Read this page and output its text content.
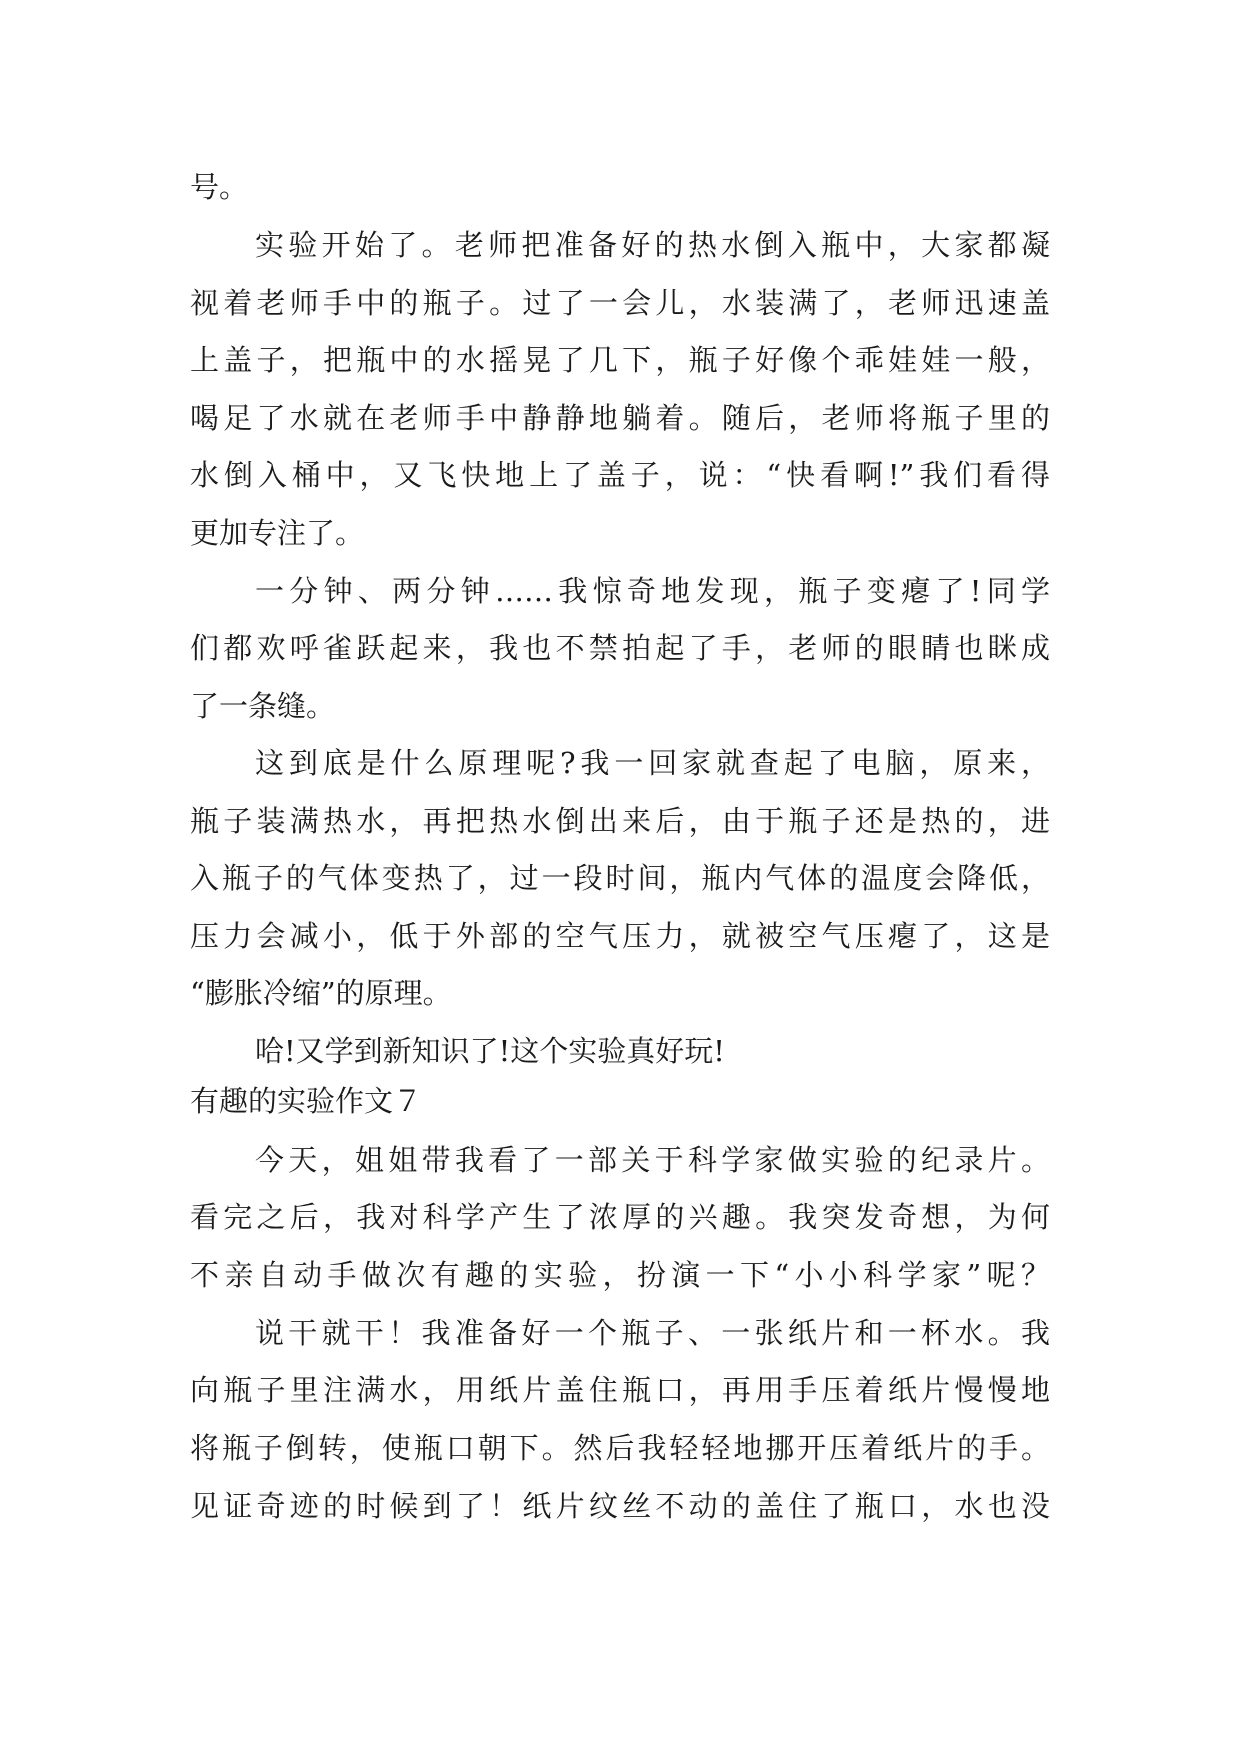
号。
实验开始了。老师把准备好的热水倒入瓶中，大家都凝
视着老师手中的瓶子。过了一会儿，水装满了，老师迅速盖
上盖子，把瓶中的水摇晃了几下，瓶子好像个乖娃娃一般，
喝足了水就在老师手中静静地躺着。随后，老师将瓶子里的
水倒入桶中，又飞快地上了盖子，说：“快看啊!”我们看得
更加专注了。
一分钟、两分钟……我惊奇地发现，瓶子变瘪了!同学
们都欢呼雀跃起来，我也不禁拍起了手，老师的眼睛也眯成
了一条缝。
这到底是什么原理呢?我一回家就查起了电脑，原来，
瓶子装满热水，再把热水倒出来后，由于瓶子还是热的，进
入瓶子的气体变热了，过一段时间，瓶内气体的温度会降低，
压力会减小，低于外部的空气压力，就被空气压瘪了，这是
“膨胀冷缩”的原理。
哈!又学到新知识了!这个实验真好玩!
有趣的实验作文７
今天，姐姐带我看了一部关于科学家做实验的纪录片。
看完之后，我对科学产生了浓厚的兴趣。我突发奇想，为何
不亲自动手做次有趣的实验，扮演一下“小小科学家”呢？
说干就干！我准备好一个瓶子、一张纸片和一杯水。我
向瓶子里注满水，用纸片盖住瓶口，再用手压着纸片慢慢地
将瓶子倒转，使瓶口朝下。然后我轻轻地挪开压着纸片的手。
见证奇迹的时候到了！纸片纹丝不动的盖住了瓶口，水也没
